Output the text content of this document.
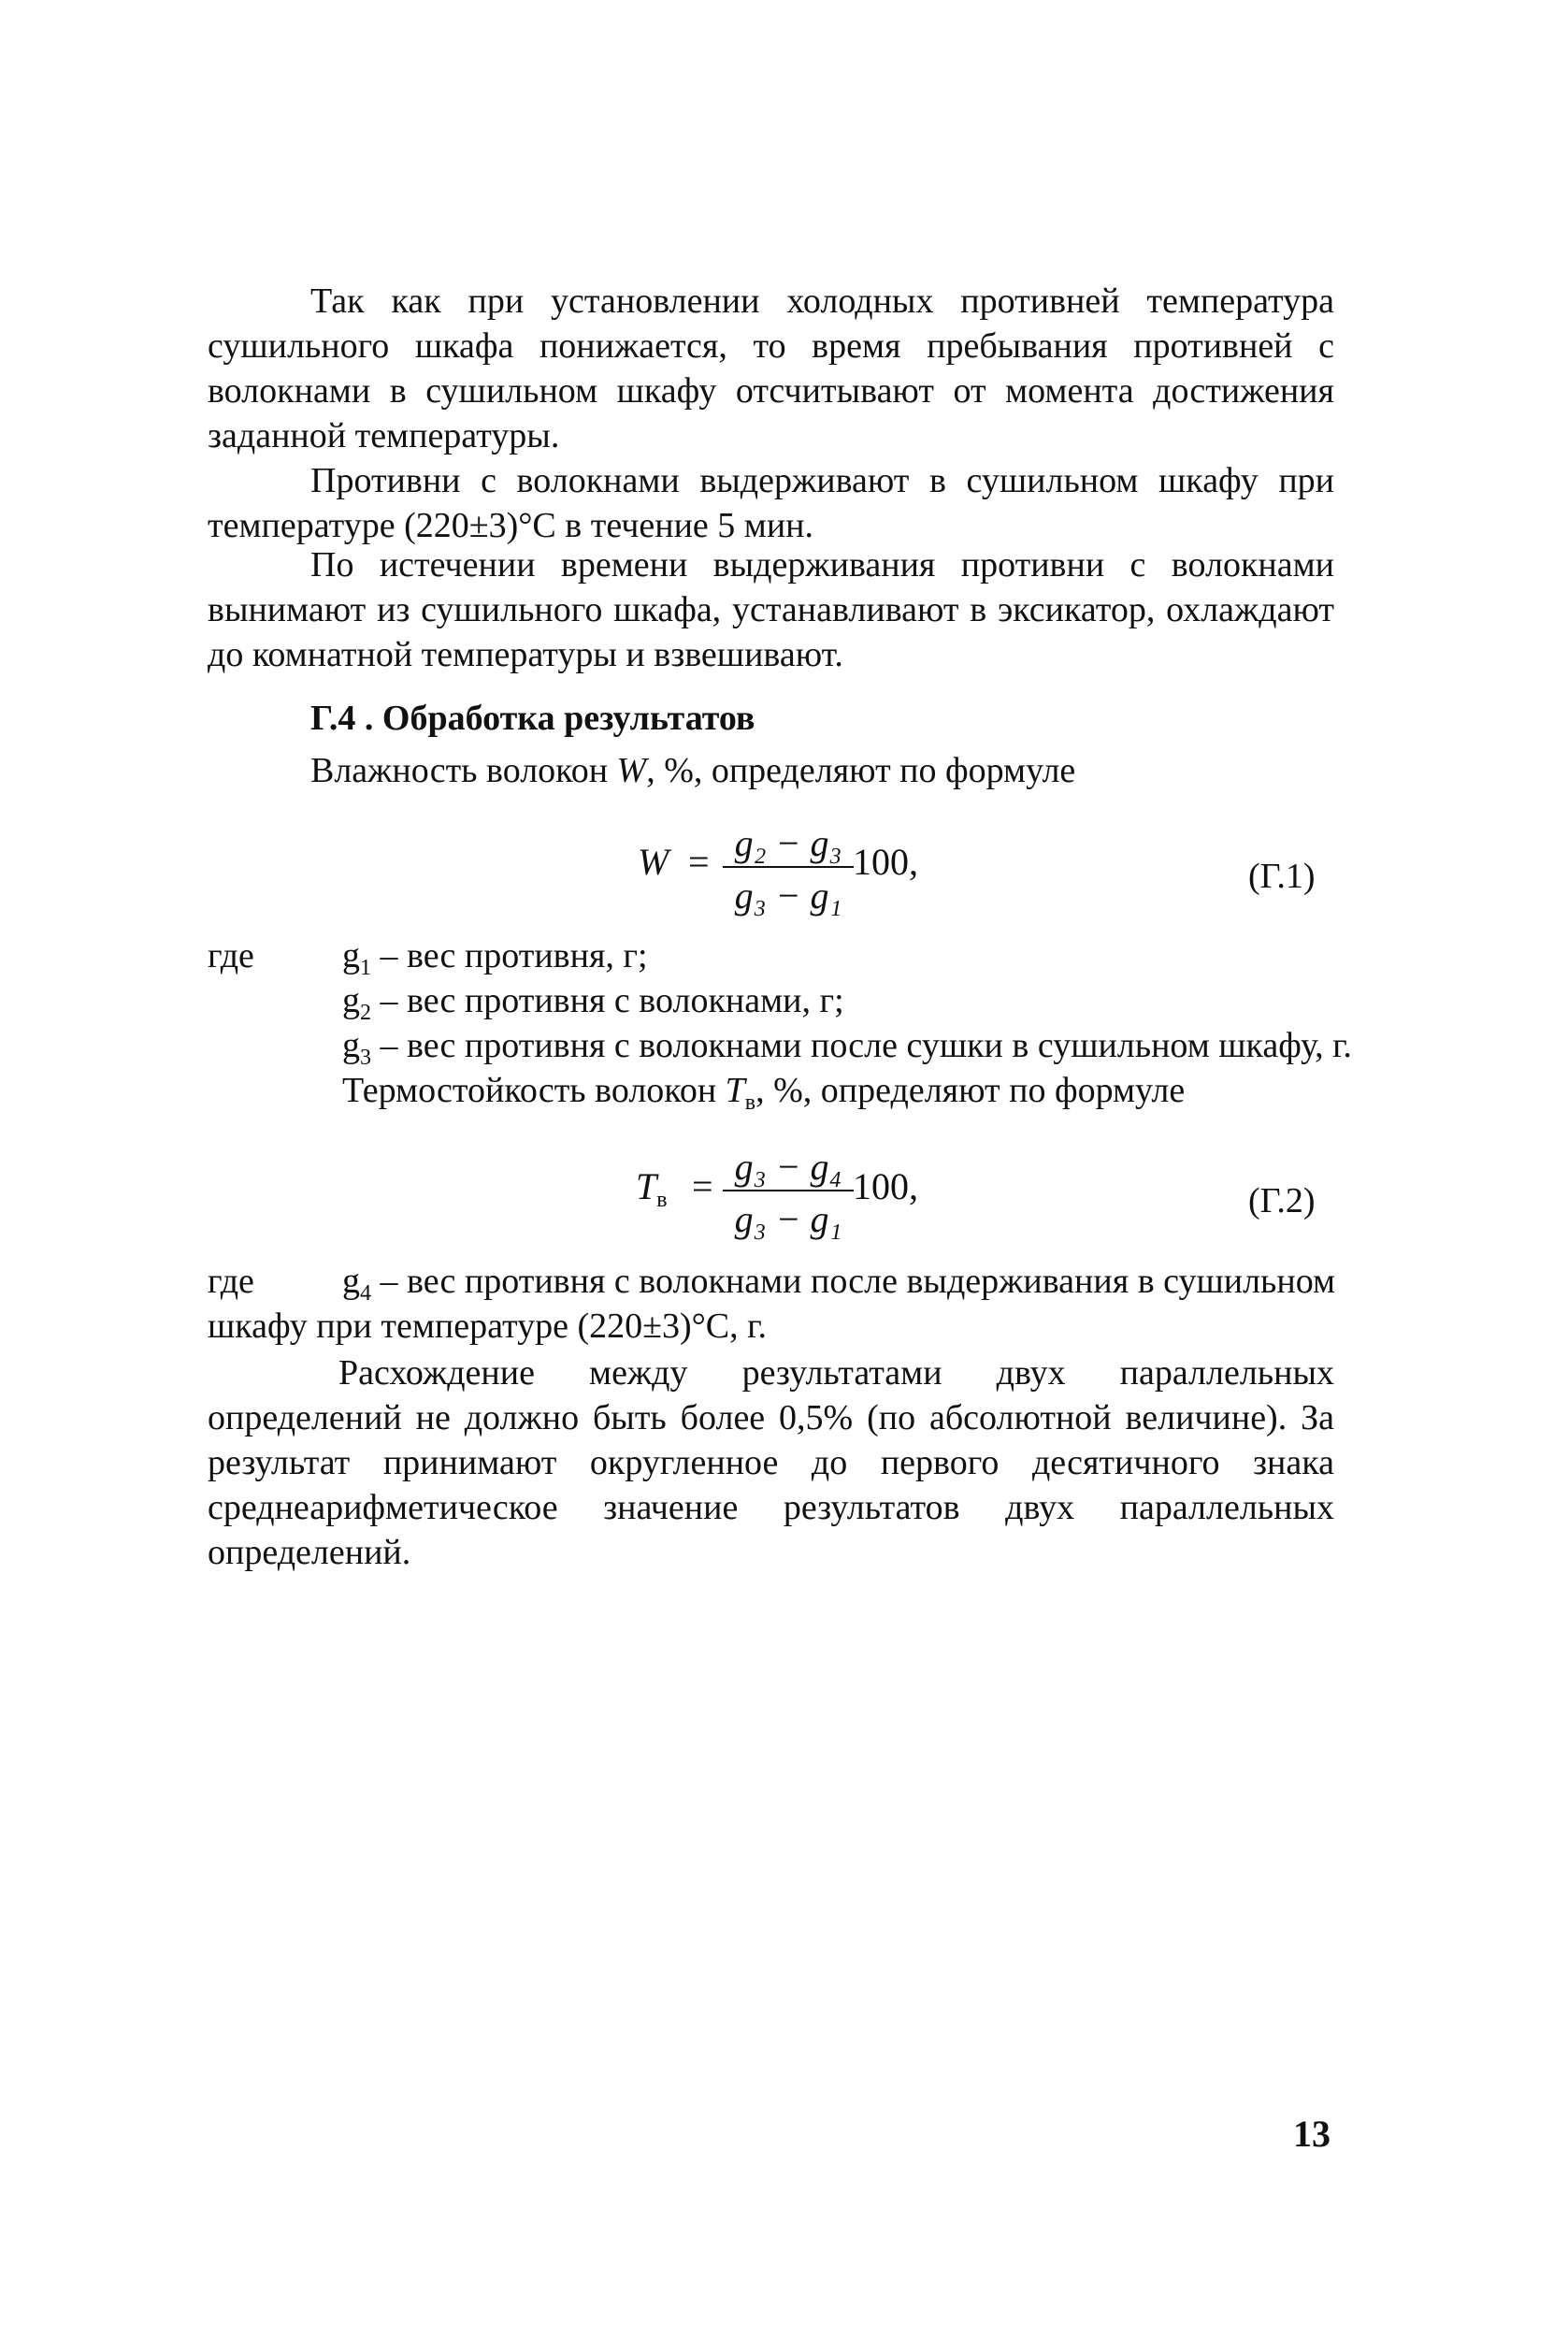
Так как при установлении холодных противней температура сушильного шкафа понижается, то время пребывания противней с волокнами в сушильном шкафу отсчитывают от момента достижения заданной температуры.

Противни с волокнами выдерживают в сушильном шкафу при температуре (220±3)°С в течение 5 мин.

По истечении времени выдерживания противни с волокнами вынимают из сушильного шкафа, устанавливают в эксикатор, охлаждают до комнатной температуры и взвешивают.

Г.4 . Обработка результатов

Влажность волокон W, %, определяют по формуле

W = g₂ − g₃
g₃ − g₁
100,	(Г.1)

где $g_1$ – вес противня, г;

$g_2$ – вес противня с волокнами, г;

$g_3$ – вес противня с волокнами после сушки в сушильном шкафу, г.

Термостойкость волокон $Т_в$, %, определяют по формуле

$Т_в = g_3 - g_4$
g₃ − g₁
100,	(Г.2)

где $g_4$ – вес противня с волокнами после выдерживания в сушильном

шкафу при температуре (220±3)°С, г.

Расхождение между результатами двух параллельных определений не должно быть более 0,5% (по абсолютной величине). За результат принимают округленное до первого десятичного знака среднеарифметическое значение результатов двух параллельных определений.

13
